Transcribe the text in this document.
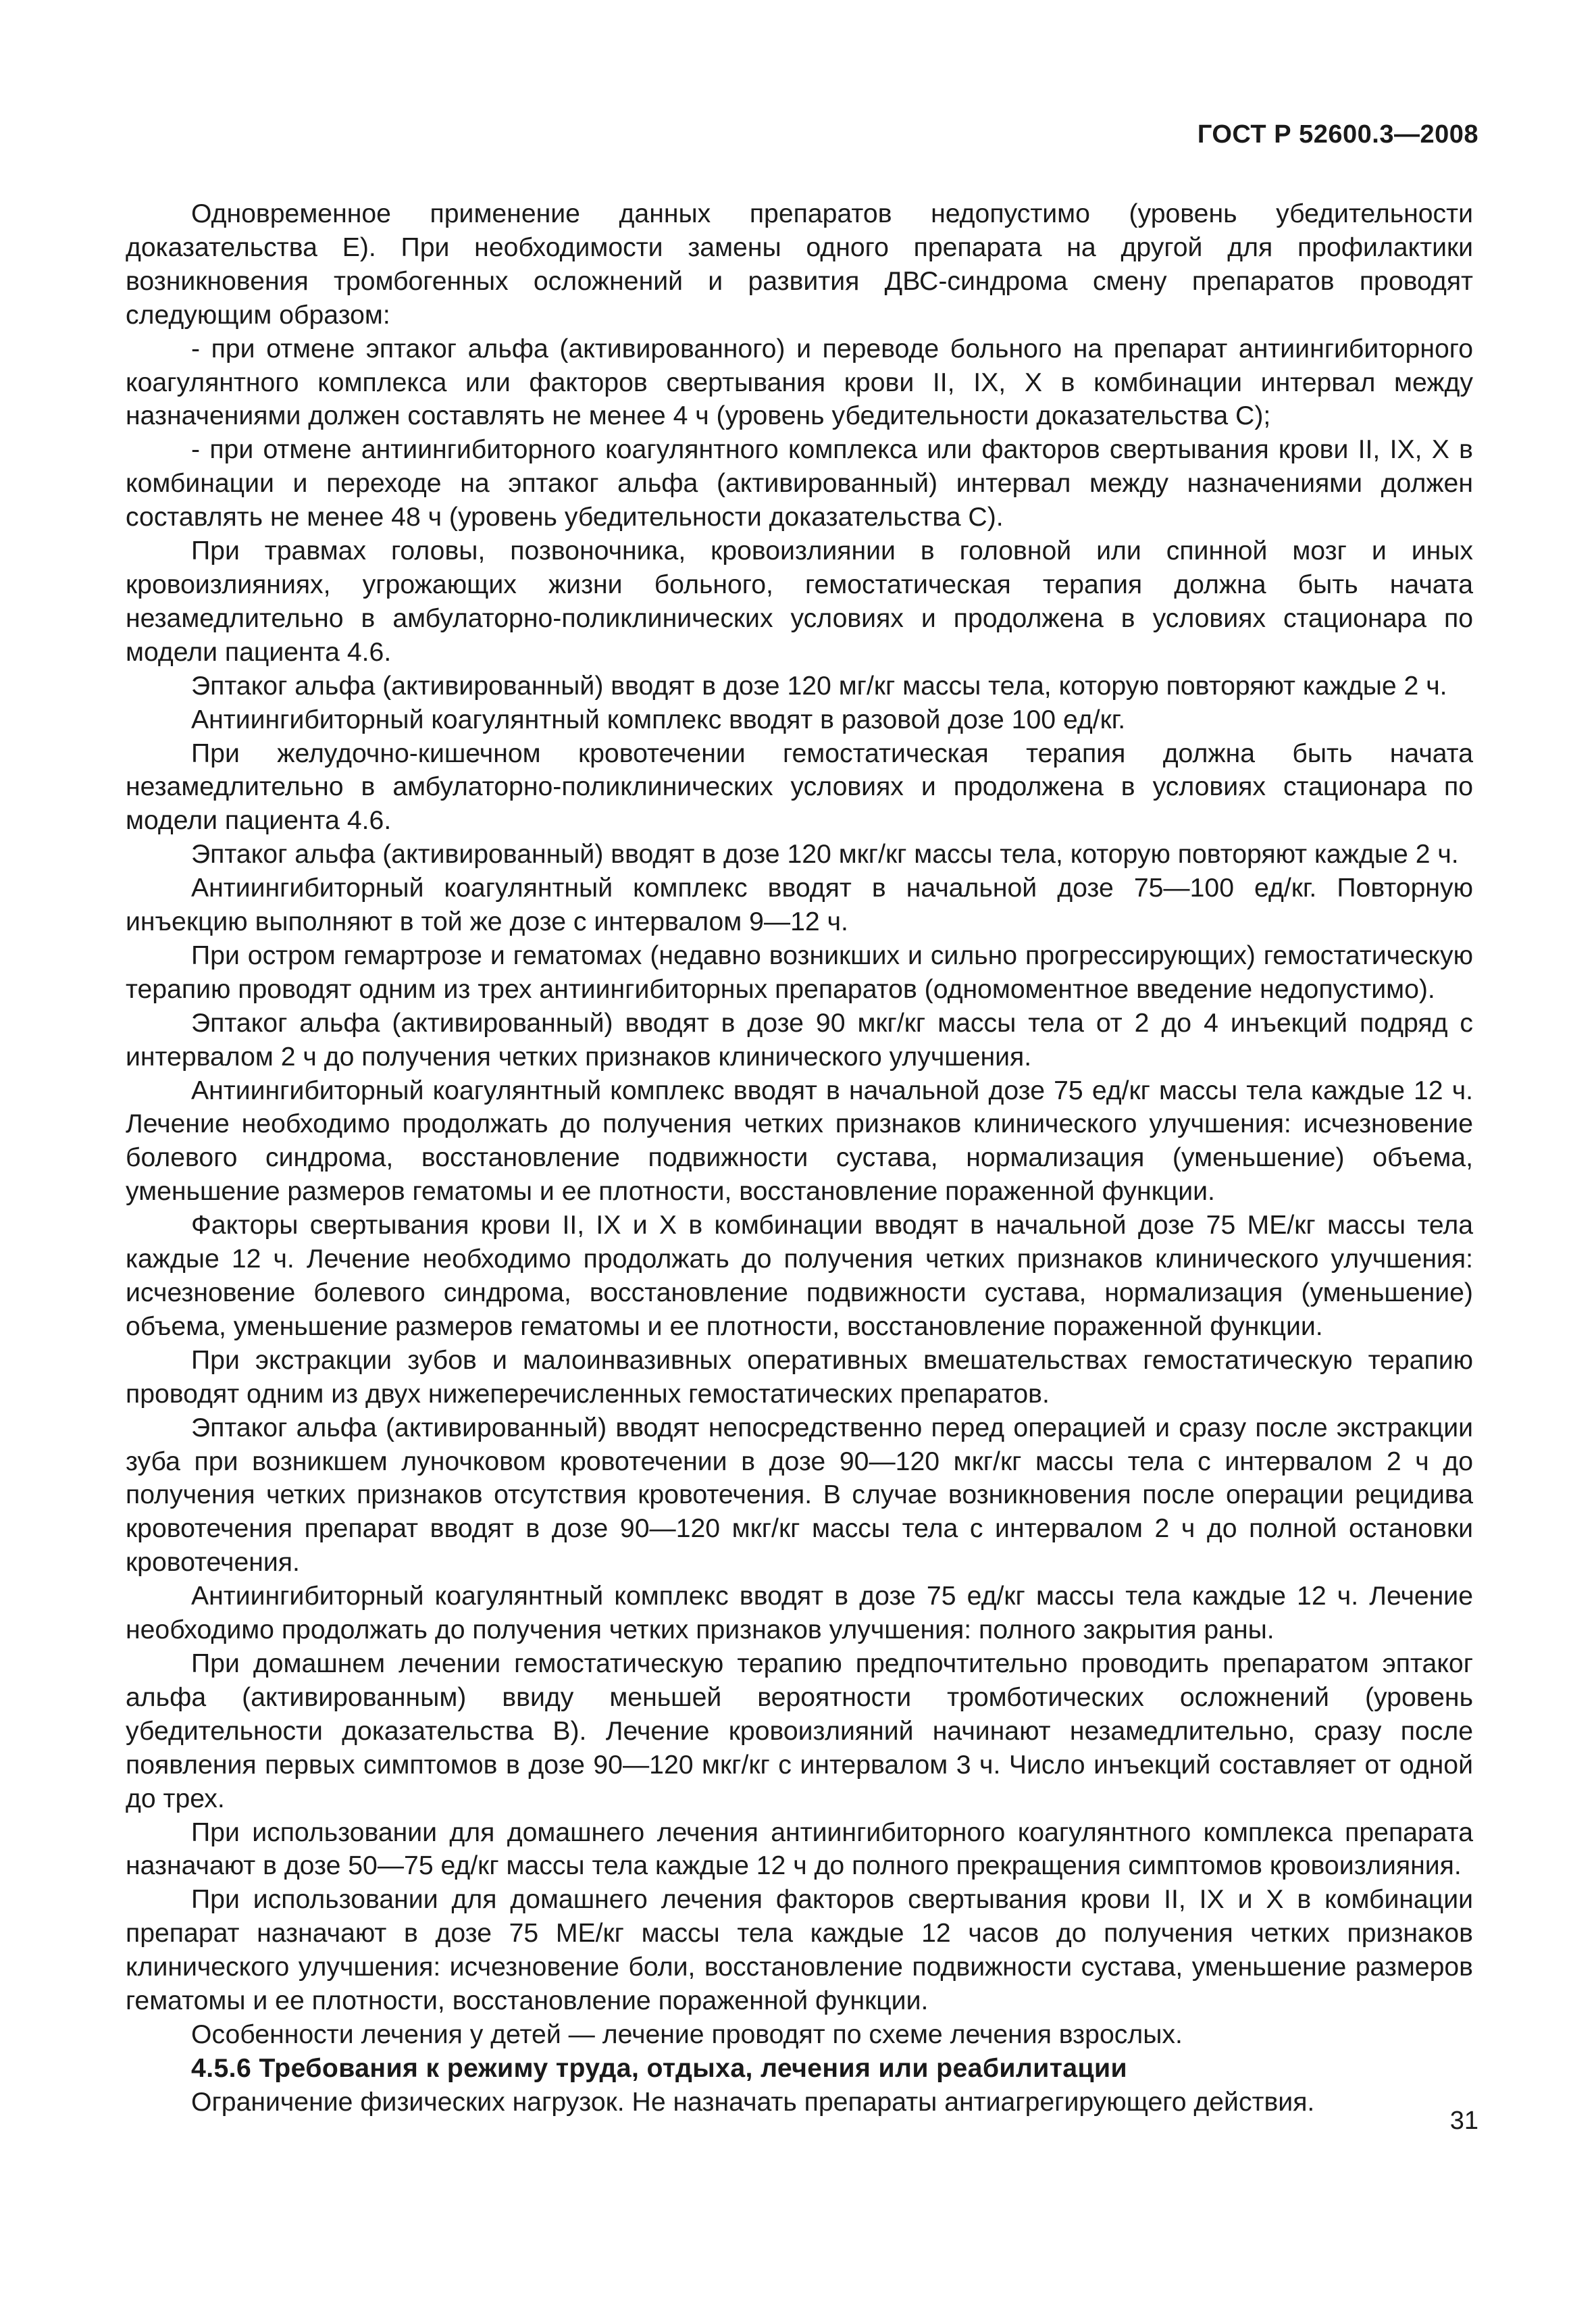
ГОСТ Р 52600.3—2008

Одновременное применение данных препаратов недопустимо (уровень убедительности доказательства Е). При необходимости замены одного препарата на другой для профилактики возникновения тромбогенных осложнений и развития ДВС-синдрома смену препаратов проводят следующим образом:

- при отмене эптаког альфа (активированного) и переводе больного на препарат антиингибиторного коагулянтного комплекса или факторов свертывания крови II, IX, X в комбинации интервал между назначениями должен составлять не менее 4 ч (уровень убедительности доказательства С);

- при отмене антиингибиторного коагулянтного комплекса или факторов свертывания крови II, IX, X в комбинации и переходе на эптаког альфа (активированный) интервал между назначениями должен составлять не менее 48 ч (уровень убедительности доказательства С).

При травмах головы, позвоночника, кровоизлиянии в головной или спинной мозг и иных кровоизлияниях, угрожающих жизни больного, гемостатическая терапия должна быть начата незамедлительно в амбулаторно-поликлинических условиях и продолжена в условиях стационара по модели пациента 4.6.

Эптаког альфа (активированный) вводят в дозе 120 мг/кг массы тела, которую повторяют каждые 2 ч.

Антиингибиторный коагулянтный комплекс вводят в разовой дозе 100 ед/кг.

При желудочно-кишечном кровотечении гемостатическая терапия должна быть начата незамедлительно в амбулаторно-поликлинических условиях и продолжена в условиях стационара по модели пациента 4.6.

Эптаког альфа (активированный) вводят в дозе 120 мкг/кг массы тела, которую повторяют каждые 2 ч.

Антиингибиторный коагулянтный комплекс вводят в начальной дозе 75—100 ед/кг. Повторную инъекцию выполняют в той же дозе с интервалом 9—12 ч.

При остром гемартрозе и гематомах (недавно возникших и сильно прогрессирующих) гемостатическую терапию проводят одним из трех антиингибиторных препаратов (одномоментное введение недопустимо).

Эптаког альфа (активированный) вводят в дозе 90 мкг/кг массы тела от 2 до 4 инъекций подряд с интервалом 2 ч до получения четких признаков клинического улучшения.

Антиингибиторный коагулянтный комплекс вводят в начальной дозе 75 ед/кг массы тела каждые 12 ч. Лечение необходимо продолжать до получения четких признаков клинического улучшения: исчезновение болевого синдрома, восстановление подвижности сустава, нормализация (уменьшение) объема, уменьшение размеров гематомы и ее плотности, восстановление пораженной функции.

Факторы свертывания крови II, IX и X в комбинации вводят в начальной дозе 75 МЕ/кг массы тела каждые 12 ч. Лечение необходимо продолжать до получения четких признаков клинического улучшения: исчезновение болевого синдрома, восстановление подвижности сустава, нормализация (уменьшение) объема, уменьшение размеров гематомы и ее плотности, восстановление пораженной функции.

При экстракции зубов и малоинвазивных оперативных вмешательствах гемостатическую терапию проводят одним из двух нижеперечисленных гемостатических препаратов.

Эптаког альфа (активированный) вводят непосредственно перед операцией и сразу после экстракции зуба при возникшем луночковом кровотечении в дозе 90—120 мкг/кг массы тела с интервалом 2 ч до получения четких признаков отсутствия кровотечения. В случае возникновения после операции рецидива кровотечения препарат вводят в дозе 90—120 мкг/кг массы тела с интервалом 2 ч до полной остановки кровотечения.

Антиингибиторный коагулянтный комплекс вводят в дозе 75 ед/кг массы тела каждые 12 ч. Лечение необходимо продолжать до получения четких признаков улучшения: полного закрытия раны.

При домашнем лечении гемостатическую терапию предпочтительно проводить препаратом эптаког альфа (активированным) ввиду меньшей вероятности тромботических осложнений (уровень убедительности доказательства В). Лечение кровоизлияний начинают незамедлительно, сразу после появления первых симптомов в дозе 90—120 мкг/кг с интервалом 3 ч. Число инъекций составляет от одной до трех.

При использовании для домашнего лечения антиингибиторного коагулянтного комплекса препарата назначают в дозе 50—75 ед/кг массы тела каждые 12 ч до полного прекращения симптомов кровоизлияния.

При использовании для домашнего лечения факторов свертывания крови II, IX и X в комбинации препарат назначают в дозе 75 МЕ/кг массы тела каждые 12 часов до получения четких признаков клинического улучшения: исчезновение боли, восстановление подвижности сустава, уменьшение размеров гематомы и ее плотности, восстановление пораженной функции.

Особенности лечения у детей — лечение проводят по схеме лечения взрослых.

4.5.6 Требования к режиму труда, отдыха, лечения или реабилитации

Ограничение физических нагрузок. Не назначать препараты антиагрегирующего действия.

31
